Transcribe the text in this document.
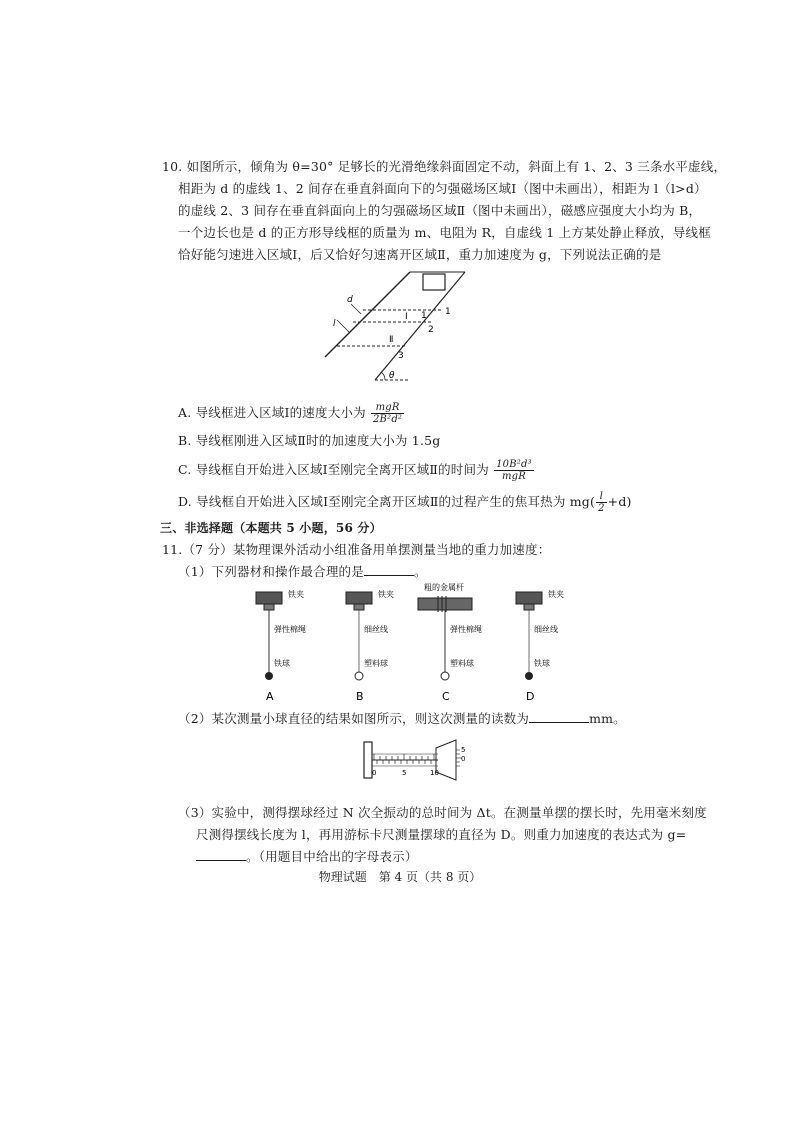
10. 如图所示，倾角为 θ=30° 足够长的光滑绝缘斜面固定不动，斜面上有 1、2、3 三条水平虚线，
相距为 d 的虚线 1、2 间存在垂直斜面向下的匀强磁场区域Ⅰ（图中未画出），相距为 l（l>d）
的虚线 2、3 间存在垂直斜面向上的匀强磁场区域Ⅱ（图中未画出），磁感应强度大小均为 B，
一个边长也是 d 的正方形导线框的质量为 m、电阻为 R，自虚线 1 上方某处静止释放，导线框
恰好能匀速进入区域Ⅰ，后又恰好匀速离开区域Ⅱ，重力加速度为 g，下列说法正确的是
d
l
1
1
2
3
Ⅰ
Ⅱ
θ
A. 导线框进入区域Ⅰ的速度大小为 $\frac{\text{mgR}}{\text{2B²d²}}$
B. 导线框刚进入区域Ⅱ时的加速度大小为 1.5g
C. 导线框自开始进入区域Ⅰ至刚完全离开区域Ⅱ的时间为 $\frac{\text{10B²d³}}{\text{mgR}}$
D. 导线框自开始进入区域Ⅰ至刚完全离开区域Ⅱ的过程产生的焦耳热为 $mg( \frac{l}{2} +d)$
三、非选择题（本题共 5 小题，56 分）
11.（7 分）某物理课外活动小组准备用单摆测量当地的重力加速度：
（1）下列器材和操作最合理的是	。
铁夹
弹性棉绳
铁球
A
铁夹
细丝线
塑料球
B
粗的金属杆
弹性棉绳
塑料球
C
铁夹
细丝线
铁球
D
（2）某次测量小球直径的结果如图所示，则这次测量的读数为	mm。
0	5	10
5
0
（3）实验中，测得摆球经过 N 次全振动的总时间为 Δt。在测量单摆的摆长时，先用毫米刻度
尺测得摆线长度为 l，再用游标卡尺测量摆球的直径为 D。则重力加速度的表达式为 g=
。（用题目中给出的字母表示）
物理试题　第 4 页（共 8 页）
